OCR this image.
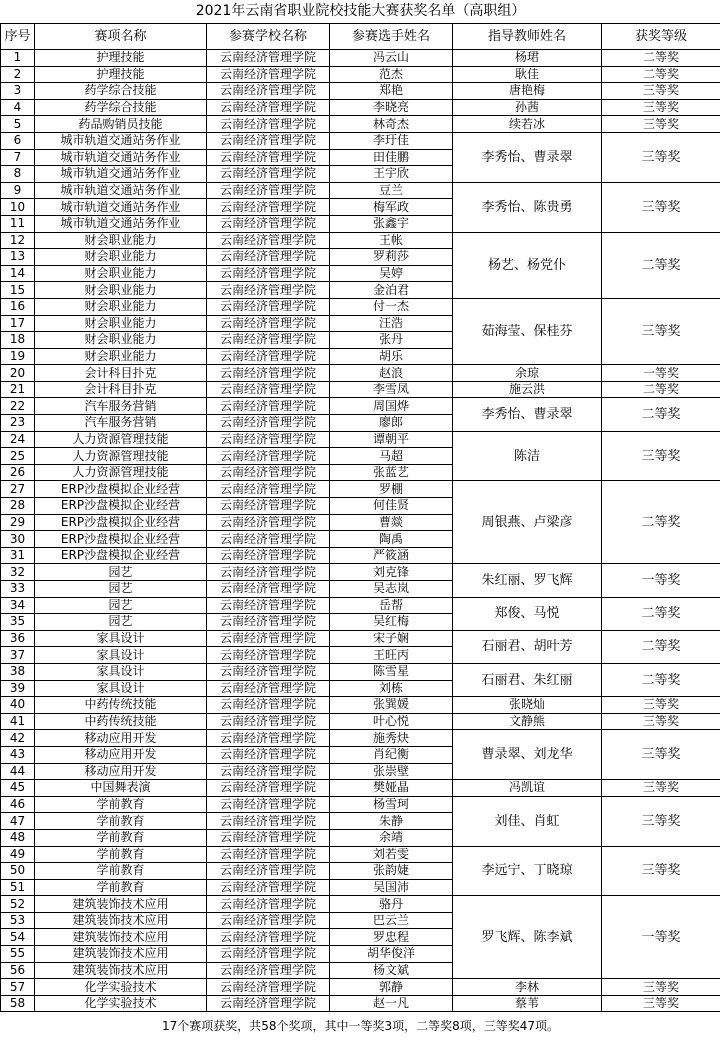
2021年云南省职业院校技能大赛获奖名单（高职组）					
序号	赛项名称	参赛学校名称	参赛选手姓名	指导教师姓名	获奖等级
1	护理技能	云南经济管理学院	冯云山	杨珺	二等奖
2	护理技能	云南经济管理学院	范杰	耿佳	二等奖
3	药学综合技能	云南经济管理学院	郑艳	唐艳梅	三等奖
4	药学综合技能	云南经济管理学院	李晓亮	孙茜	三等奖
5	药品购销员技能	云南经济管理学院	林奇杰	续若冰	三等奖
6	城市轨道交通站务作业	云南经济管理学院	李玗佳	李秀怡、曹录翠	三等奖
7	城市轨道交通站务作业	云南经济管理学院	田佳鹏		
8	城市轨道交通站务作业	云南经济管理学院	王宇欣		
9	城市轨道交通站务作业	云南经济管理学院	豆兰	李秀怡、陈贵勇	三等奖
10	城市轨道交通站务作业	云南经济管理学院	梅军政		
11	城市轨道交通站务作业	云南经济管理学院	张鑫宇		
12	财会职业能力	云南经济管理学院	王帐	杨艺、杨党仆	二等奖
13	财会职业能力	云南经济管理学院	罗莉莎		
14	财会职业能力	云南经济管理学院	吴婷		
15	财会职业能力	云南经济管理学院	金泊君		
16	财会职业能力	云南经济管理学院	付一杰	茹海莹、保桂芬	三等奖
17	财会职业能力	云南经济管理学院	汪浩		
18	财会职业能力	云南经济管理学院	张丹		
19	财会职业能力	云南经济管理学院	胡乐		
20	会计科目扑克	云南经济管理学院	赵浪	余琼	一等奖
21	会计科目扑克	云南经济管理学院	李雪凤	施云洪	二等奖
22	汽车服务营销	云南经济管理学院	周国烨	李秀怡、曹录翠	二等奖
23	汽车服务营销	云南经济管理学院	廖郎		
24	人力资源管理技能	云南经济管理学院	谭朝平	陈洁	三等奖
25	人力资源管理技能	云南经济管理学院	马超		
26	人力资源管理技能	云南经济管理学院	张蓝艺		
27	ERP沙盘模拟企业经营	云南经济管理学院	罗棚	周银燕、卢梁彦	二等奖
28	ERP沙盘模拟企业经营	云南经济管理学院	何佳贤		
29	ERP沙盘模拟企业经营	云南经济管理学院	曹燚		
30	ERP沙盘模拟企业经营	云南经济管理学院	陶禹		
31	ERP沙盘模拟企业经营	云南经济管理学院	严筱涵		
32	园艺	云南经济管理学院	刘克锋	朱红丽、罗飞辉	一等奖
33	园艺	云南经济管理学院	吴志岚		
34	园艺	云南经济管理学院	岳帮	郑俊、马悦	二等奖
35	园艺	云南经济管理学院	吴红梅		
36	家具设计	云南经济管理学院	宋子娴	石丽君、胡叶芳	二等奖
37	家具设计	云南经济管理学院	王旺丙		
38	家具设计	云南经济管理学院	陈雪星	石丽君、朱红丽	二等奖
39	家具设计	云南经济管理学院	刘栋		
40	中药传统技能	云南经济管理学院	张巽媛	张晓灿	三等奖
41	中药传统技能	云南经济管理学院	叶心悦	文静熊	三等奖
42	移动应用开发	云南经济管理学院	施秀炔	曹录翠、刘龙华	三等奖
43	移动应用开发	云南经济管理学院	肖纪衡		
44	移动应用开发	云南经济管理学院	张崇壁		
45	中国舞表演	云南经济管理学院	樊娅晶	冯凯谊	三等奖
46	学前教育	云南经济管理学院	杨雪珂	刘佳、肖虹	三等奖
47	学前教育	云南经济管理学院	朱静		
48	学前教育	云南经济管理学院	余靖		
49	学前教育	云南经济管理学院	刘若雯	李远宁、丁晓琼	三等奖
50	学前教育	云南经济管理学院	张韵婕		
51	学前教育	云南经济管理学院	吴国沛		
52	建筑装饰技术应用	云南经济管理学院	骆丹	罗飞辉、陈李斌	一等奖
53	建筑装饰技术应用	云南经济管理学院	巴云兰		
54	建筑装饰技术应用	云南经济管理学院	罗忠程		
55	建筑装饰技术应用	云南经济管理学院	胡华俊洋		
56	建筑装饰技术应用	云南经济管理学院	杨文斌		
57	化学实验技术	云南经济管理学院	郭静	李林	三等奖
58	化学实验技术	云南经济管理学院	赵一凡	蔡苇	三等奖
17个赛项获奖，共58个奖项，其中一等奖3项，二等奖8项，三等奖47项。					
